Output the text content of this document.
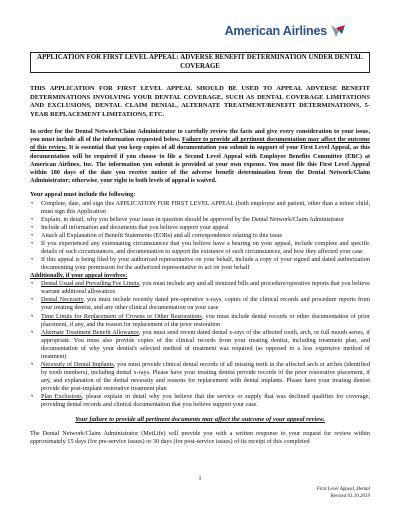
American Airlines
APPLICATION FOR FIRST LEVEL APPEAL: ADVERSE BENEFIT DETERMINATION UNDER DENTAL
COVERAGE

THIS APPLICATION FOR FIRST LEVEL APPEAL SHOULD BE USED TO APPEAL ADVERSE BENEFIT DETERMINATIONS INVOLVING YOUR DENTAL COVERAGE, SUCH AS DENTAL COVERAGE LIMITATIONS AND EXCLUSIONS, DENTAL CLAIM DENIAL, ALTERNATE TREATMENT/BENEFIT DETERMINATIONS, 5-YEAR REPLACEMENT LIMITATIONS, ETC.

In order for the Dental Network/Claim Administrator to carefully review the facts and give every consideration to your issue, you must include all of the information requested below. Failure to provide all pertinent documentation may affect the outcome of this review. It is essential that you keep copies of all documentation you submit in support of your First Level Appeal, as this documentation will be required if you choose to file a Second Level Appeal with Employee Benefits Committee (EBC) at American Airlines, Inc. The information you submit is provided at your own expense. You must file this First Level Appeal within 180 days of the date you receive notice of the adverse benefit determination from the Dental Network/Claim Administrator; otherwise, your right to both levels of appeal is waived.

Your appeal must include the following:

• Complete, date, and sign this APPLICATION FOR FIRST LEVEL APPEAL (both employee and patient, other than a minor child, must sign this Application
• Explain, in detail, why you believe your issue in question should be approved by the Dental Network/Claim Administrator
• Include all information and documents that you believe support your appeal
• Attach all Explanation of Benefit Statements (EOBs) and all correspondence relating to this issue
• If you experienced any extenuating circumstances that you believe have a bearing on your appeal, include complete and specific details of such circumstances, and documentation to support the existence of such circumstances, and how they affected your case
• If this appeal is being filed by your authorized representative on your behalf, include a copy of your signed and dated authorization documenting your permission for the authorized representative to act on your behalf

Additionally, if your appeal involves:

• Dental Usual and Prevailing Fee Limits, you must include any and all itemized bills and procedure/operative reports that you believe warrant additional allowances
• Dental Necessity, you must include recently dated pre-operative x-rays, copies of the clinical records and procedure reports from your treating dentist, and any other clinical documentation on your case
• Time Limits for Replacement of Crowns or Other Restorations, you must include dental records or other documentation of prior placement, if any, and the reason for replacement of the prior restoration
• Alternate Treatment Benefit Allowance, you must send recent dated dental x-rays of the affected tooth, arch, or full mouth series, if appropriate. You must also provide copies of the clinical records from your treating dentist, including treatment plan, and documentation of why your dentist's selected method of treatment was required (as opposed to a less expensive method of treatment)
• Necessity of Dental Implants, you must provide clinical dental records of all missing teeth in the affected arch or arches (identified by tooth numbers), including dental x-rays. Please have your treating dentist provide records of the prior restorative placement, if any, and explanation of the dental necessity and reasons for replacement with dental implants. Please have your treating dentist provide the post-implant restorative treatment plan
• Plan Exclusions, please explain in detail why you believe that the service or supply that was declined qualifies for coverage, providing dental records and clinical documentation that you believe support your case.

Your failure to provide all pertinent documents may affect the outcome of your appeal review.

The Dental Network/Claim Administrator (MetLife) will provide you with a written response to your request for review within approximately 15 days (for pre-service issues) or 30 days (for post-service issues) of its receipt of this completed

1
First Level Appeal, Dental
Revised 01.10.2019
